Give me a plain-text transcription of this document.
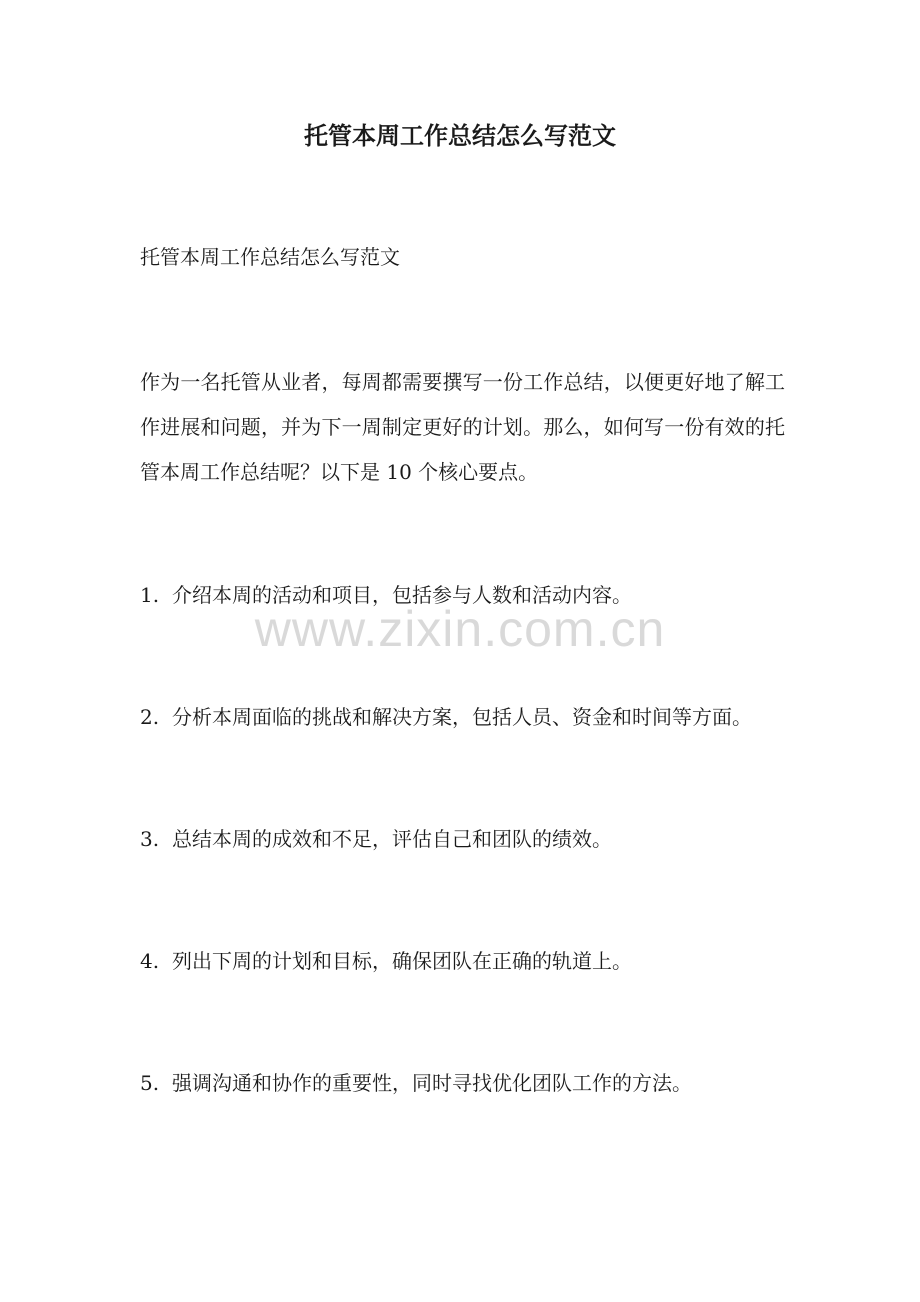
托管本周工作总结怎么写范文

托管本周工作总结怎么写范文

作为一名托管从业者，每周都需要撰写一份工作总结，以便更好地了解工作进展和问题，并为下一周制定更好的计划。那么，如何写一份有效的托管本周工作总结呢？以下是 10 个核心要点。

1. 介绍本周的活动和项目，包括参与人数和活动内容。

2. 分析本周面临的挑战和解决方案，包括人员、资金和时间等方面。

3. 总结本周的成效和不足，评估自己和团队的绩效。

4. 列出下周的计划和目标，确保团队在正确的轨道上。

5. 强调沟通和协作的重要性，同时寻找优化团队工作的方法。

www.zixin.com.cn
